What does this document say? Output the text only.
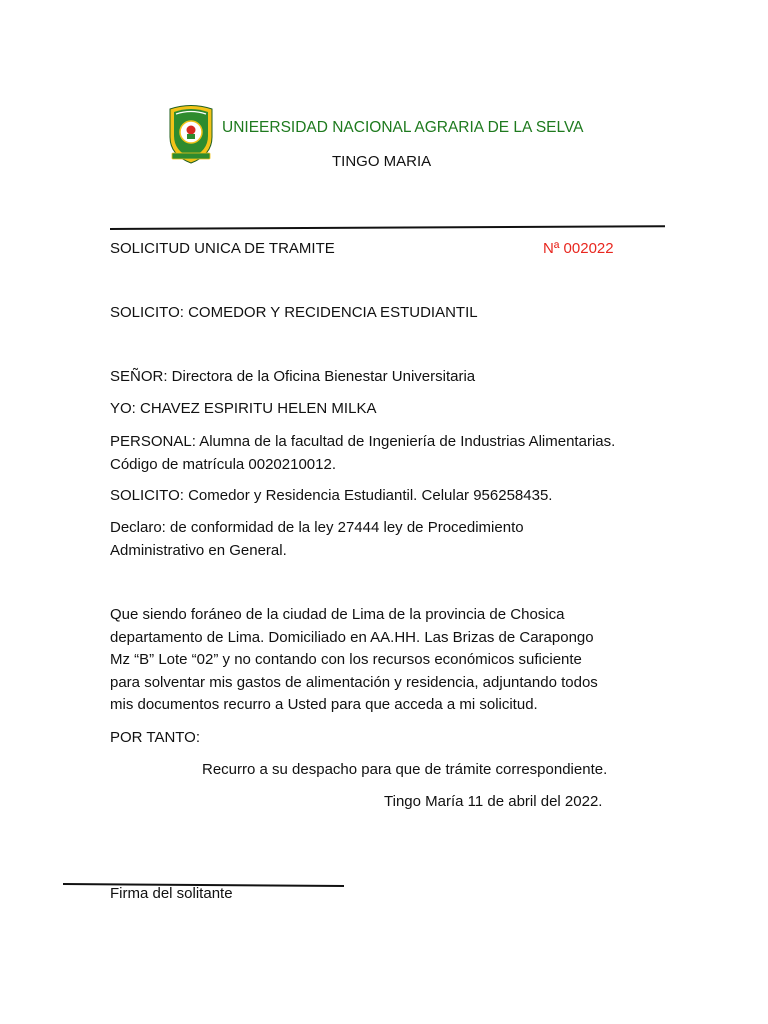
UNIEERSIDAD NACIONAL AGRARIA DE LA SELVA
TINGO MARIA
SOLICITUD UNICA DE TRAMITE	Nª 002022
SOLICITO: COMEDOR Y RECIDENCIA ESTUDIANTIL
SEÑOR: Directora de la Oficina Bienestar Universitaria
YO: CHAVEZ ESPIRITU HELEN MILKA
PERSONAL: Alumna de la facultad de Ingeniería de Industrias Alimentarias.
Código de matrícula 0020210012.
SOLICITO: Comedor y Residencia Estudiantil. Celular 956258435.
Declaro: de conformidad de la ley 27444 ley de Procedimiento
Administrativo en General.
Que siendo foráneo de la ciudad de Lima de la provincia de Chosica
departamento de Lima. Domiciliado en AA.HH. Las Brizas de Carapongo
Mz “B” Lote “02” y no contando con los recursos económicos suficiente
para solventar mis gastos de alimentación y residencia, adjuntando todos
mis documentos recurro a Usted para que acceda a mi solicitud.
POR TANTO:
Recurro a su despacho para que de trámite correspondiente.
Tingo María 11 de abril del 2022.
Firma del solitante
